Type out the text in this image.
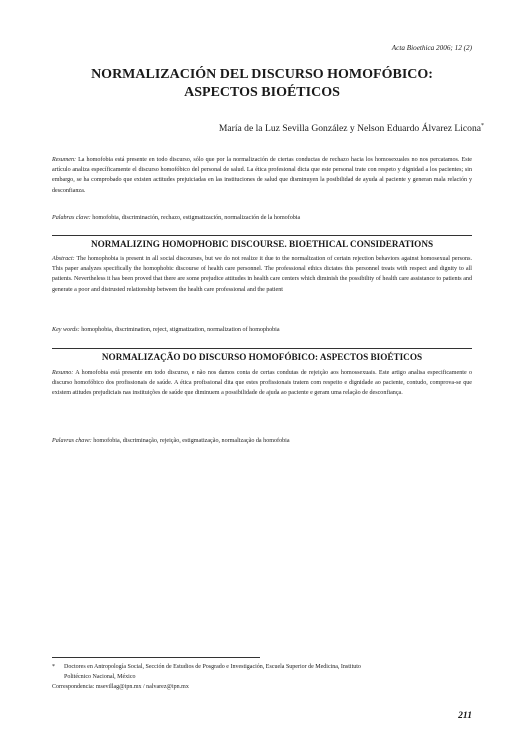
Acta Bioethica 2006; 12 (2)
NORMALIZACIÓN DEL DISCURSO HOMOFÓBICO:
ASPECTOS BIOÉTICOS
María de la Luz Sevilla González y Nelson Eduardo Álvarez Licona*

Resumen: La homofobia está presente en todo discurso, sólo que por la normalización de ciertas conductas de rechazo hacia los homosexuales no nos percatamos. Este artículo analiza específicamente el discurso homofóbico del personal de salud. La ética profesional dicta que este personal trate con respeto y dignidad a los pacientes; sin embargo, se ha comprobado que existen actitudes prejuiciadas en las instituciones de salud que disminuyen la posibilidad de ayuda al paciente y generan mala relación y desconfianza.

Palabras clave: homofobia, discriminación, rechazo, estigmatización, normalización de la homofobia

NORMALIZING HOMOPHOBIC DISCOURSE. BIOETHICAL CONSIDERATIONS

Abstract: The homophobia is present in all social discourses, but we do not realize it due to the normalization of certain rejection behaviors against homosexual persons. This paper analyzes specifically the homophobic discourse of health care personnel. The professional ethics dictates this personnel treats with respect and dignity to all patients. Nevertheless it has been proved that there are some prejudice attitudes in health care centers which diminish the possibility of health care assistance to patients and generate a poor and distrusted relationship between the health care professional and the patient

Key words: homophobia, discrimination, reject, stigmatization, normalization of homophobia

NORMALIZAÇÃO DO DISCURSO HOMOFÓBICO: ASPECTOS BIOÉTICOS

Resumo: A homofobia está presente em todo discurso, e não nos damos conta de certas condutas de rejeição aos homossexuais. Este artigo analisa especificamente o discurso homofóbico dos profissionais de saúde. A ética profissional dita que estes profissionais tratem com respeito e dignidade ao paciente, contudo, comprova-se que existem atitudes prejudiciais nas instituições de saúde que diminuem a possibilidade de ajuda ao paciente e geram uma relação de desconfiança.

Palavras chave: homofobia, discriminação, rejeição, estigmatização, normalização da homofobia

* Doctores en Antropología Social, Sección de Estudios de Posgrado e Investigación, Escuela Superior de Medicina, Instituto
Politécnico Nacional, México
Correspondencia: msevillag@ipn.mx / nalvarez@ipn.mx
211
